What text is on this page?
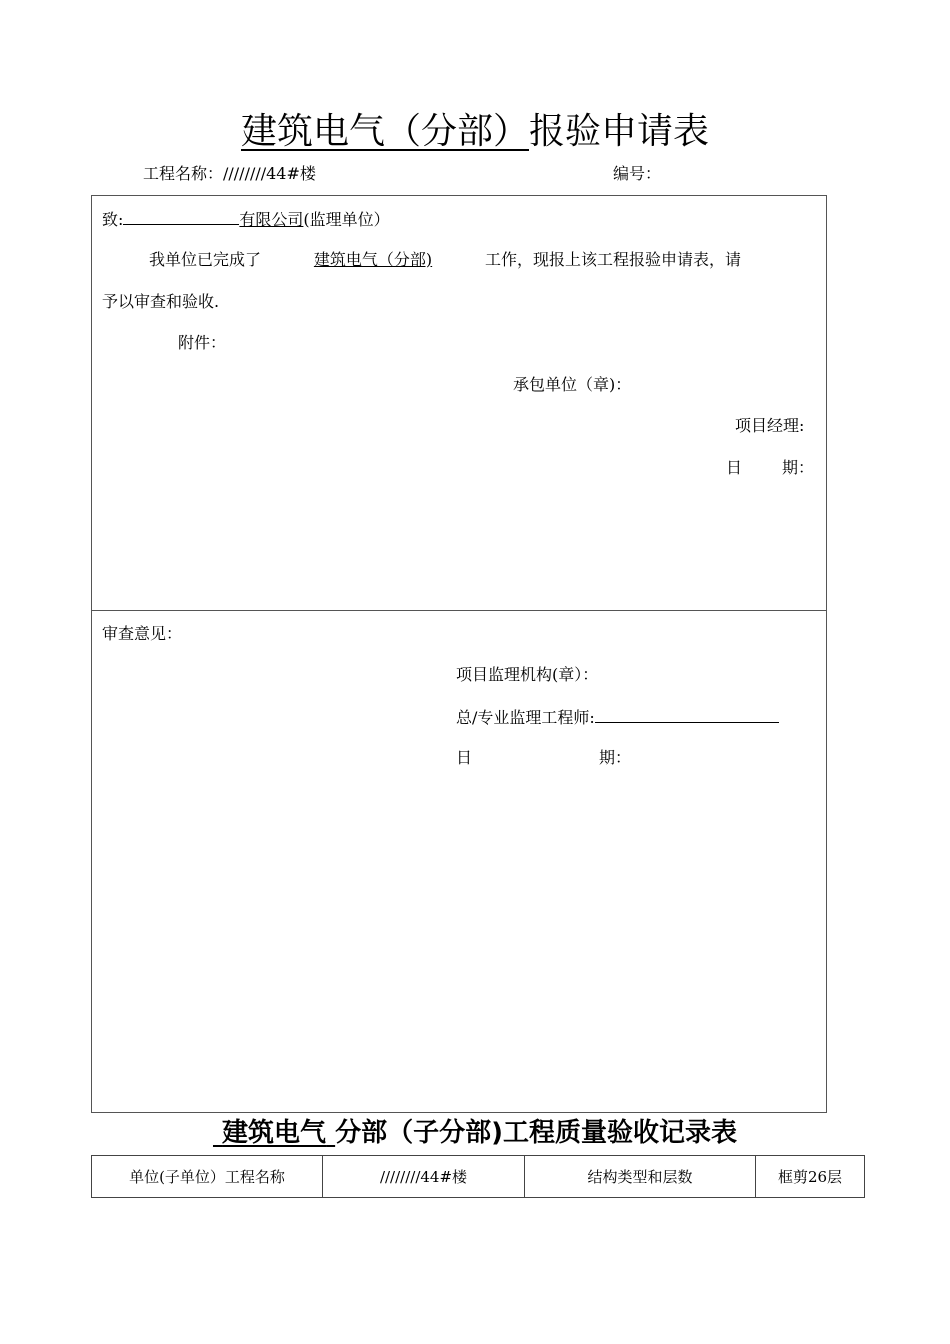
建筑电气（分部）报验申请表
工程名称：////////44#楼	编号：
致:	有限公司(监理单位）
我单位已完成了	建筑电气（分部)	工作，现报上该工程报验申请表，请
予以审查和验收.
附件：
承包单位（章)：
项目经理:
日 期：
审查意见：
项目监理机构(章）：
总/专业监理工程师:
日	期：
建筑电气 分部（子分部)工程质量验收记录表
单位(子单位）工程名称	////////44#楼	结构类型和层数	框剪26层
